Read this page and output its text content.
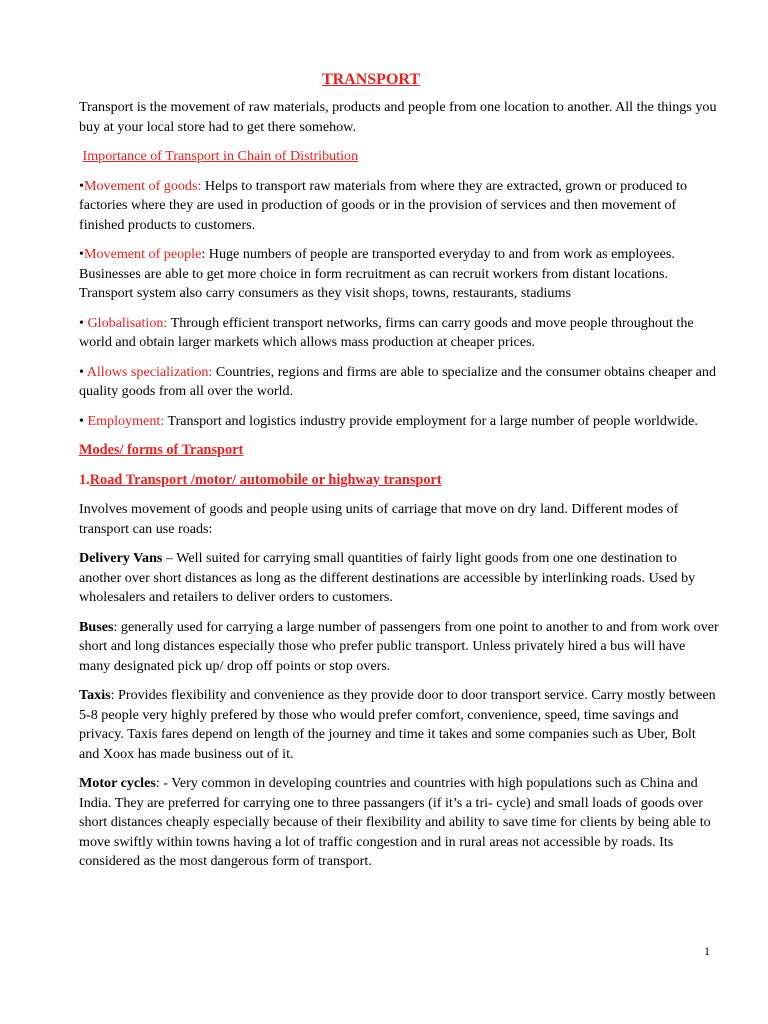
TRANSPORT

Transport is the movement of raw materials, products and people from one location to another. All the things you buy at your local store had to get there somehow.

Importance of Transport in Chain of Distribution

•Movement of goods: Helps to transport raw materials from where they are extracted, grown or produced to factories where they are used in production of goods or in the provision of services and then movement of finished products to customers.

•Movement of people: Huge numbers of people are transported everyday to and from work as employees. Businesses are able to get more choice in form recruitment as can recruit workers from distant locations. Transport system also carry consumers as they visit shops, towns, restaurants, stadiums

• Globalisation: Through efficient transport networks, firms can carry goods and move people throughout the world and obtain larger markets which allows mass production at cheaper prices.

• Allows specialization: Countries, regions and firms are able to specialize and the consumer obtains cheaper and quality goods from all over the world.

• Employment: Transport and logistics industry provide employment for a large number of people worldwide.

Modes/ forms of Transport

1.Road Transport /motor/ automobile or highway transport

Involves movement of goods and people using units of carriage that move on dry land. Different modes of transport can use roads:

Delivery Vans – Well suited for carrying small quantities of fairly light goods from one one destination to another over short distances as long as the different destinations are accessible by interlinking roads. Used by wholesalers and retailers to deliver orders to customers.

Buses: generally used for carrying a large number of passengers from one point to another to and from work over short and long distances especially those who prefer public transport. Unless privately hired a bus will have many designated pick up/ drop off points or stop overs.

Taxis: Provides flexibility and convenience as they provide door to door transport service. Carry mostly between 5-8 people very highly prefered by those who would prefer comfort, convenience, speed, time savings and privacy. Taxis fares depend on length of the journey and time it takes and some companies such as Uber, Bolt and Xoox has made business out of it.

Motor cycles: - Very common in developing countries and countries with high populations such as China and India. They are preferred for carrying one to three passangers (if it’s a tri- cycle) and small loads of goods over short distances cheaply especially because of their flexibility and ability to save time for clients by being able to move swiftly within towns having a lot of traffic congestion and in rural areas not accessible by roads. Its considered as the most dangerous form of transport.

1
